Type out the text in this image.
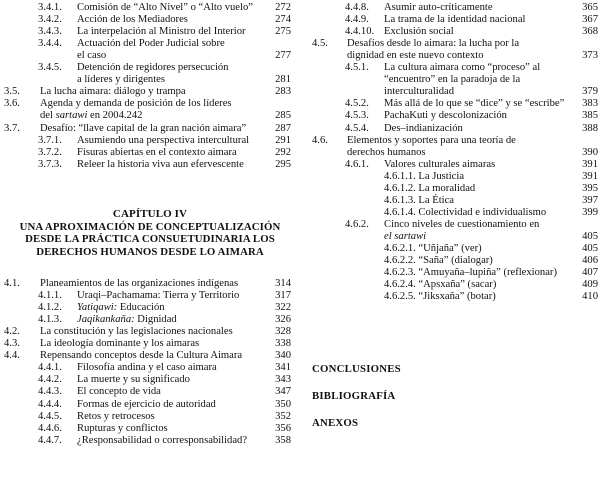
3.4.1. Comisión de “Alto Nivel” o “Alto vuelo”	272
3.4.2. Acción de los Mediadores	274
3.4.3. La interpelación al Ministro del Interior	275
3.4.4. Actuación del Poder Judicial sobre
el caso	277
3.4.5. Detención de regidores persecución
a líderes y dirigentes	281
3.5. La lucha aimara: diálogo y trampa	283
3.6. Agenda y demanda de posición de los líderes
del sartawi en 2004.242	285
3.7. Desafío: “llave capital de la gran nación aimara”	287
3.7.1. Asumiendo una perspectiva intercultural	291
3.7.2. Fisuras abiertas en el contexto aimara	292
3.7.3. Releer la historia viva aun efervescente	295
CAPÍTULO IV
UNA APROXIMACIÓN DE CONCEPTUALIZACIÓN
DESDE LA PRÁCTICA CONSUETUDINARIA LOS
DERECHOS HUMANOS DESDE LO AIMARA
4.1. Planeamientos de las organizaciones indígenas	314
4.1.1. Uraqi–Pachamama: Tierra y Territorio	317
4.1.2. Yatiqawi: Educación	322
4.1.3. Jaqikankaña: Dignidad	326
4.2. La constitución y las legislaciones nacionales	328
4.3. La ideología dominante y los aimaras	338
4.4. Repensando conceptos desde la Cultura Aimara	340
4.4.1. Filosofía andina y el caso aimara	341
4.4.2. La muerte y su significado	343
4.4.3. El concepto de vida	347
4.4.4. Formas de ejercicio de autoridad	350
4.4.5. Retos y retrocesos	352
4.4.6. Rupturas y conflictos	356
4.4.7. ¿Responsabilidad o corresponsabilidad?	358
4.4.8. Asumir auto-críticamente	365
4.4.9. La trama de la identidad nacional	367
4.4.10. Exclusión social	368
4.5. Desafíos desde lo aimara: la lucha por la
dignidad en este nuevo contexto	373
4.5.1. La cultura aimara como “proceso” al
“encuentro” en la paradoja de la
interculturalidad	379
4.5.2. Más allá de lo que se “dice” y se “escribe”	383
4.5.3. PachaKuti y descolonización	385
4.5.4. Des–indianización	388
4.6. Elementos y soportes para una teoría de
derechos humanos	390
4.6.1. Valores culturales aimaras	391
4.6.1.1. La Justicia	391
4.6.1.2. La moralidad	395
4.6.1.3. La Ética	397
4.6.1.4. Colectividad e individualismo	399
4.6.2. Cinco niveles de cuestionamiento en
el sartawi	405
4.6.2.1. “Uñjaña” (ver)	405
4.6.2.2. “Saña” (dialogar)	406
4.6.2.3. “Amuyaña–lupiña” (reflexionar)	407
4.6.2.4. “Apsxaña” (sacar)	409
4.6.2.5. “Jiksxaña” (botar)	410
CONCLUSIONES
BIBLIOGRAFÍA
ANEXOS
